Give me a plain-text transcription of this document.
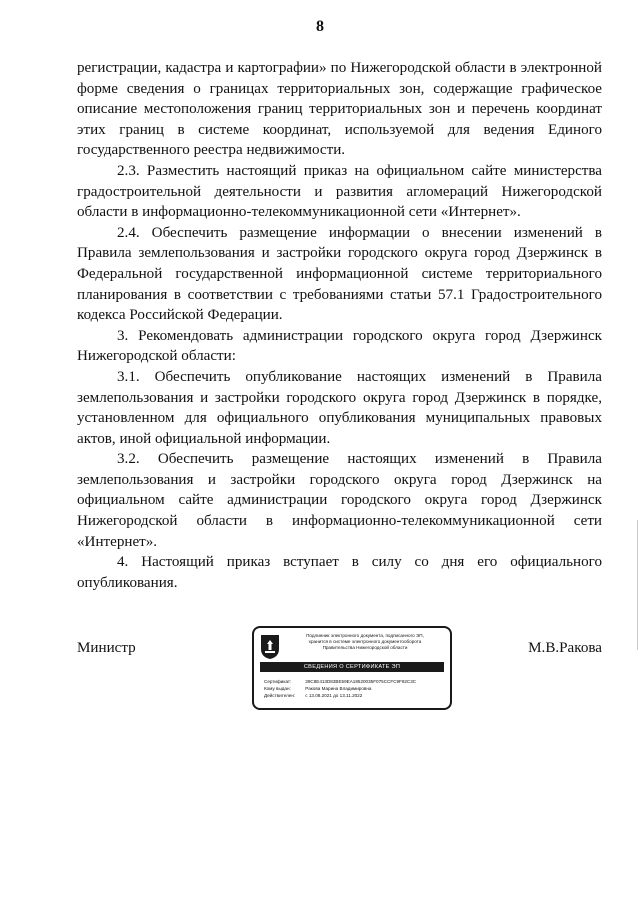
8

регистрации, кадастра и картографии» по Нижегородской области в электронной форме сведения о границах территориальных зон, содержащие графическое описание местоположения границ территориальных зон и перечень координат этих границ в системе координат, используемой для ведения Единого государственного реестра недвижимости.

2.3. Разместить настоящий приказ на официальном сайте министерства градостроительной деятельности и развития агломераций Нижегородской области в информационно-телекоммуникационной сети «Интернет».

2.4. Обеспечить размещение информации о внесении изменений в Правила землепользования и застройки городского округа город Дзержинск в Федеральной государственной информационной системе территориального планирования в соответствии с требованиями статьи 57.1 Градостроительного кодекса Российской Федерации.

3. Рекомендовать администрации городского округа город Дзержинск Нижегородской области:

3.1. Обеспечить опубликование настоящих изменений в Правила землепользования и застройки городского округа город Дзержинск в порядке, установленном для официального опубликования муниципальных правовых актов, иной официальной информации.

3.2. Обеспечить размещение настоящих изменений в Правила землепользования и застройки городского округа город Дзержинск на официальном сайте администрации городского округа город Дзержинск Нижегородской области в информационно-телекоммуникационной сети «Интернет».

4. Настоящий приказ вступает в силу со дня его официального опубликования.

Министр
Подлинник электронного документа, подписанного ЭП,
хранится в системе электронного документооборота
Правительства Нижегородской области
СВЕДЕНИЯ О СЕРТИФИКАТЕ ЭП
Сертификат:	39C8E413D83BE59EA18520035F075CCFC9F92C3C
Кому выдан:	Ракова Марина Владимировна
Действителен: с 13.08.2021 до 13.11.2022
М.В.Ракова
